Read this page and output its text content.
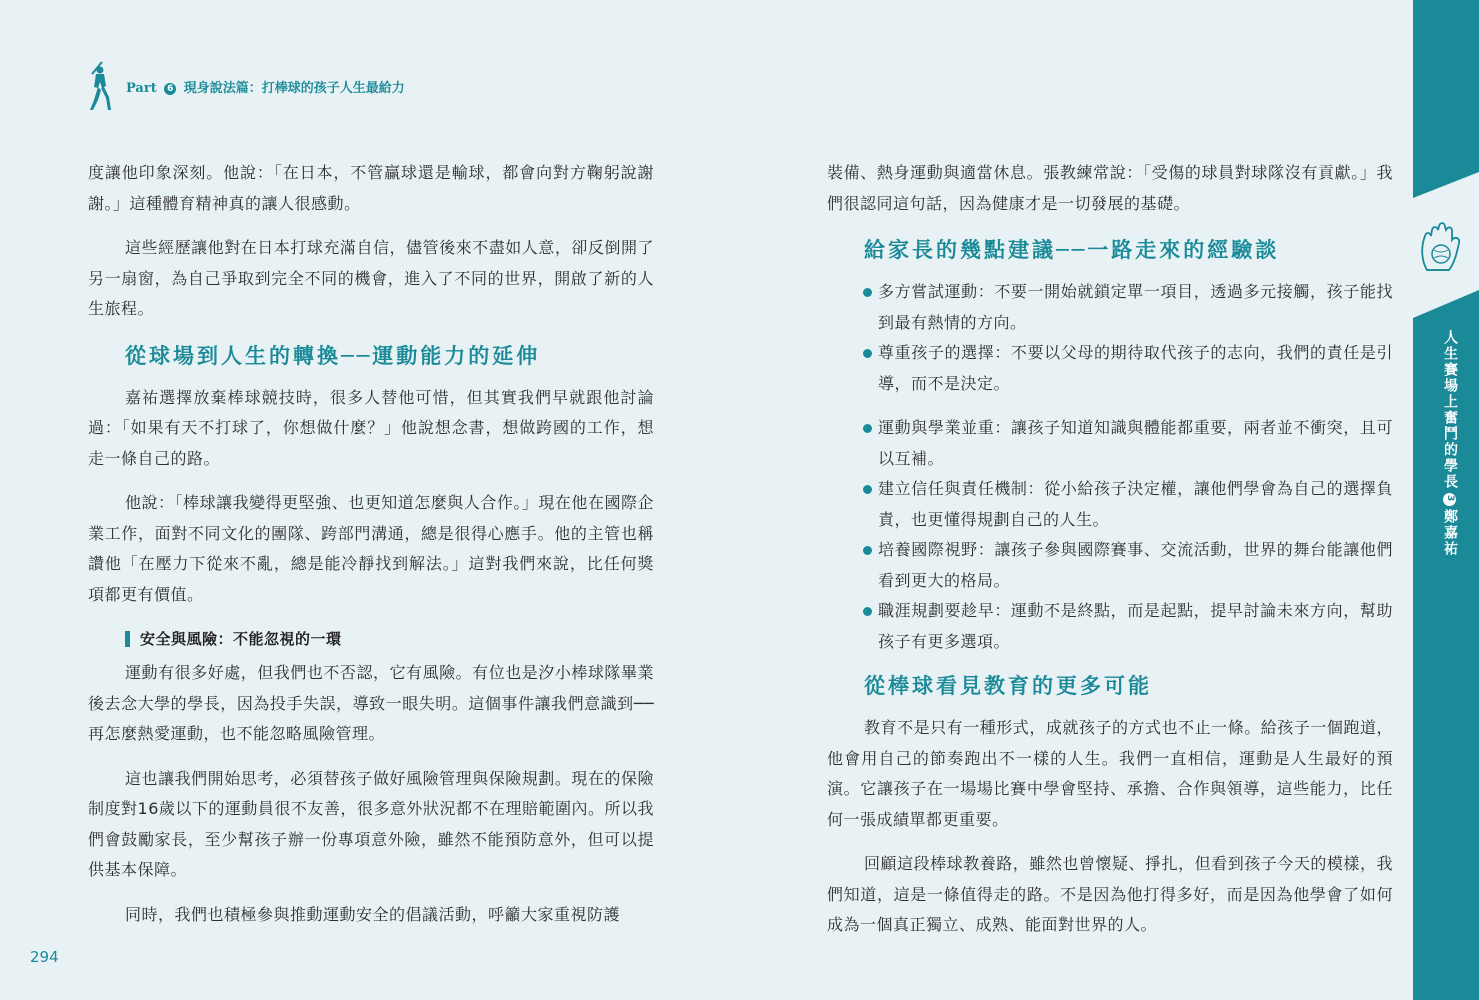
Part 6 現身說法篇：打棒球的孩子人生最給力

度讓他印象深刻。他說：「在日本，不管贏球還是輸球，都會向對方鞠躬說謝謝。」這種體育精神真的讓人很感動。

這些經歷讓他對在日本打球充滿自信，儘管後來不盡如人意，卻反倒開了另一扇窗，為自己爭取到完全不同的機會，進入了不同的世界，開啟了新的人生旅程。

從球場到人生的轉換──運動能力的延伸

嘉祐選擇放棄棒球競技時，很多人替他可惜，但其實我們早就跟他討論過：「如果有天不打球了，你想做什麼？」他說想念書，想做跨國的工作，想走一條自己的路。

他說：「棒球讓我變得更堅強、也更知道怎麼與人合作。」現在他在國際企業工作，面對不同文化的團隊、跨部門溝通，總是很得心應手。他的主管也稱讚他「在壓力下從來不亂，總是能冷靜找到解法。」這對我們來說，比任何獎項都更有價值。

安全與風險：不能忽視的一環

運動有很多好處，但我們也不否認，它有風險。有位也是汐小棒球隊畢業後去念大學的學長，因為投手失誤，導致一眼失明。這個事件讓我們意識到──再怎麼熱愛運動，也不能忽略風險管理。

這也讓我們開始思考，必須替孩子做好風險管理與保險規劃。現在的保險制度對16歲以下的運動員很不友善，很多意外狀況都不在理賠範圍內。所以我們會鼓勵家長，至少幫孩子辦一份專項意外險，雖然不能預防意外，但可以提供基本保障。

同時，我們也積極參與推動運動安全的倡議活動，呼籲大家重視防護

294

裝備、熱身運動與適當休息。張教練常說：「受傷的球員對球隊沒有貢獻。」我們很認同這句話，因為健康才是一切發展的基礎。

給家長的幾點建議──一路走來的經驗談
多方嘗試運動：不要一開始就鎖定單一項目，透過多元接觸，孩子能找到最有熱情的方向。
尊重孩子的選擇：不要以父母的期待取代孩子的志向，我們的責任是引導，而不是決定。
運動與學業並重：讓孩子知道知識與體能都重要，兩者並不衝突，且可以互補。
建立信任與責任機制：從小給孩子決定權，讓他們學會為自己的選擇負責，也更懂得規劃自己的人生。
培養國際視野：讓孩子參與國際賽事、交流活動，世界的舞台能讓他們看到更大的格局。
職涯規劃要趁早：運動不是終點，而是起點，提早討論未來方向，幫助孩子有更多選項。
從棒球看見教育的更多可能

教育不是只有一種形式，成就孩子的方式也不止一條。給孩子一個跑道，他會用自己的節奏跑出不一樣的人生。我們一直相信，運動是人生最好的預演。它讓孩子在一場場比賽中學會堅持、承擔、合作與領導，這些能力，比任何一張成績單都更重要。

回顧這段棒球教養路，雖然也曾懷疑、掙扎，但看到孩子今天的模樣，我們知道，這是一條值得走的路。不是因為他打得多好，而是因為他學會了如何成為一個真正獨立、成熟、能面對世界的人。

人生賽場上奮鬥的學長3鄭嘉祐
